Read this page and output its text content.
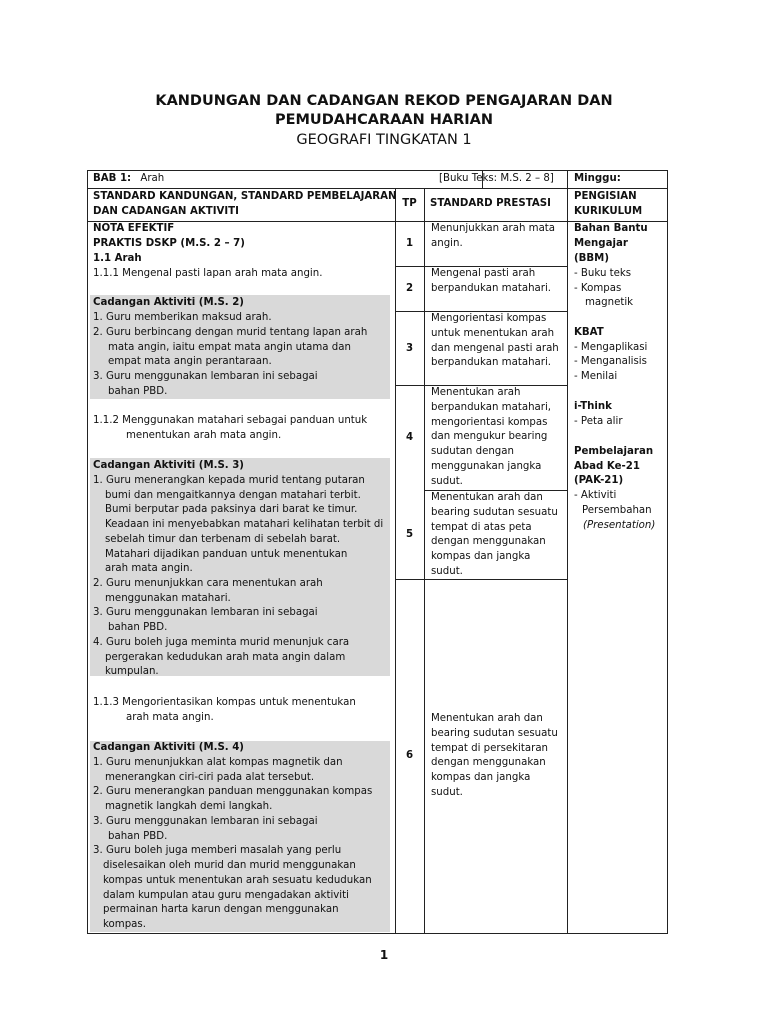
KANDUNGAN DAN CADANGAN REKOD PENGAJARAN DAN
PEMUDAHCARAAN HARIAN
GEOGRAFI TINGKATAN 1
BAB 1: Arah	[Buku Teks: M.S. 2 – 8] Minggu:
STANDARD KANDUNGAN, STANDARD PEMBELAJARAN
DAN CADANGAN AKTIVITI
TP	STANDARD PRESTASI
PENGISIAN
KURIKULUM
NOTA EFEKTIF
PRAKTIS DSKP (M.S. 2 – 7)
1.1 Arah
1.1.1 Mengenal pasti lapan arah mata angin.
Cadangan Aktiviti (M.S. 2)
1. Guru memberikan maksud arah.
2. Guru berbincang dengan murid tentang lapan arah
mata angin, iaitu empat mata angin utama dan
empat mata angin perantaraan.
3. Guru menggunakan lembaran ini sebagai
bahan PBD.
1.1.2 Menggunakan matahari sebagai panduan untuk
menentukan arah mata angin.
Cadangan Aktiviti (M.S. 3)
1. Guru menerangkan kepada murid tentang putaran
bumi dan mengaitkannya dengan matahari terbit.
Bumi berputar pada paksinya dari barat ke timur.
Keadaan ini menyebabkan matahari kelihatan terbit di
sebelah timur dan terbenam di sebelah barat.
Matahari dijadikan panduan untuk menentukan
arah mata angin.
2. Guru menunjukkan cara menentukan arah
menggunakan matahari.
3. Guru menggunakan lembaran ini sebagai
bahan PBD.
4. Guru boleh juga meminta murid menunjuk cara
pergerakan kedudukan arah mata angin dalam
kumpulan.
1.1.3 Mengorientasikan kompas untuk menentukan
arah mata angin.
Cadangan Aktiviti (M.S. 4)
1. Guru menunjukkan alat kompas magnetik dan
menerangkan ciri-ciri pada alat tersebut.
2. Guru menerangkan panduan menggunakan kompas
magnetik langkah demi langkah.
3. Guru menggunakan lembaran ini sebagai
bahan PBD.
3. Guru boleh juga memberi masalah yang perlu
diselesaikan oleh murid dan murid menggunakan
kompas untuk menentukan arah sesuatu kedudukan
dalam kumpulan atau guru mengadakan aktiviti
permainan harta karun dengan menggunakan
kompas.
1
2
3
4
5
6
Menunjukkan arah mata angin.
Mengenal pasti arah berpandukan matahari.
Mengorientasi kompas untuk menentukan arah dan mengenal pasti arah berpandukan matahari.
Menentukan arah berpandukan matahari, mengorientasi kompas dan mengukur bearing sudutan dengan menggunakan jangka sudut.
Menentukan arah dan bearing sudutan sesuatu tempat di atas peta dengan menggunakan kompas dan jangka sudut.
Menentukan arah dan bearing sudutan sesuatu tempat di persekitaran dengan menggunakan kompas dan jangka sudut.
Bahan Bantu
Mengajar
(BBM)
- Buku teks
- Kompas
magnetik
KBAT
- Mengaplikasi
- Menganalisis
- Menilai
i-Think
- Peta alir
Pembelajaran
Abad Ke-21
(PAK-21)
- Aktiviti
Persembahan
(Presentation)
1
